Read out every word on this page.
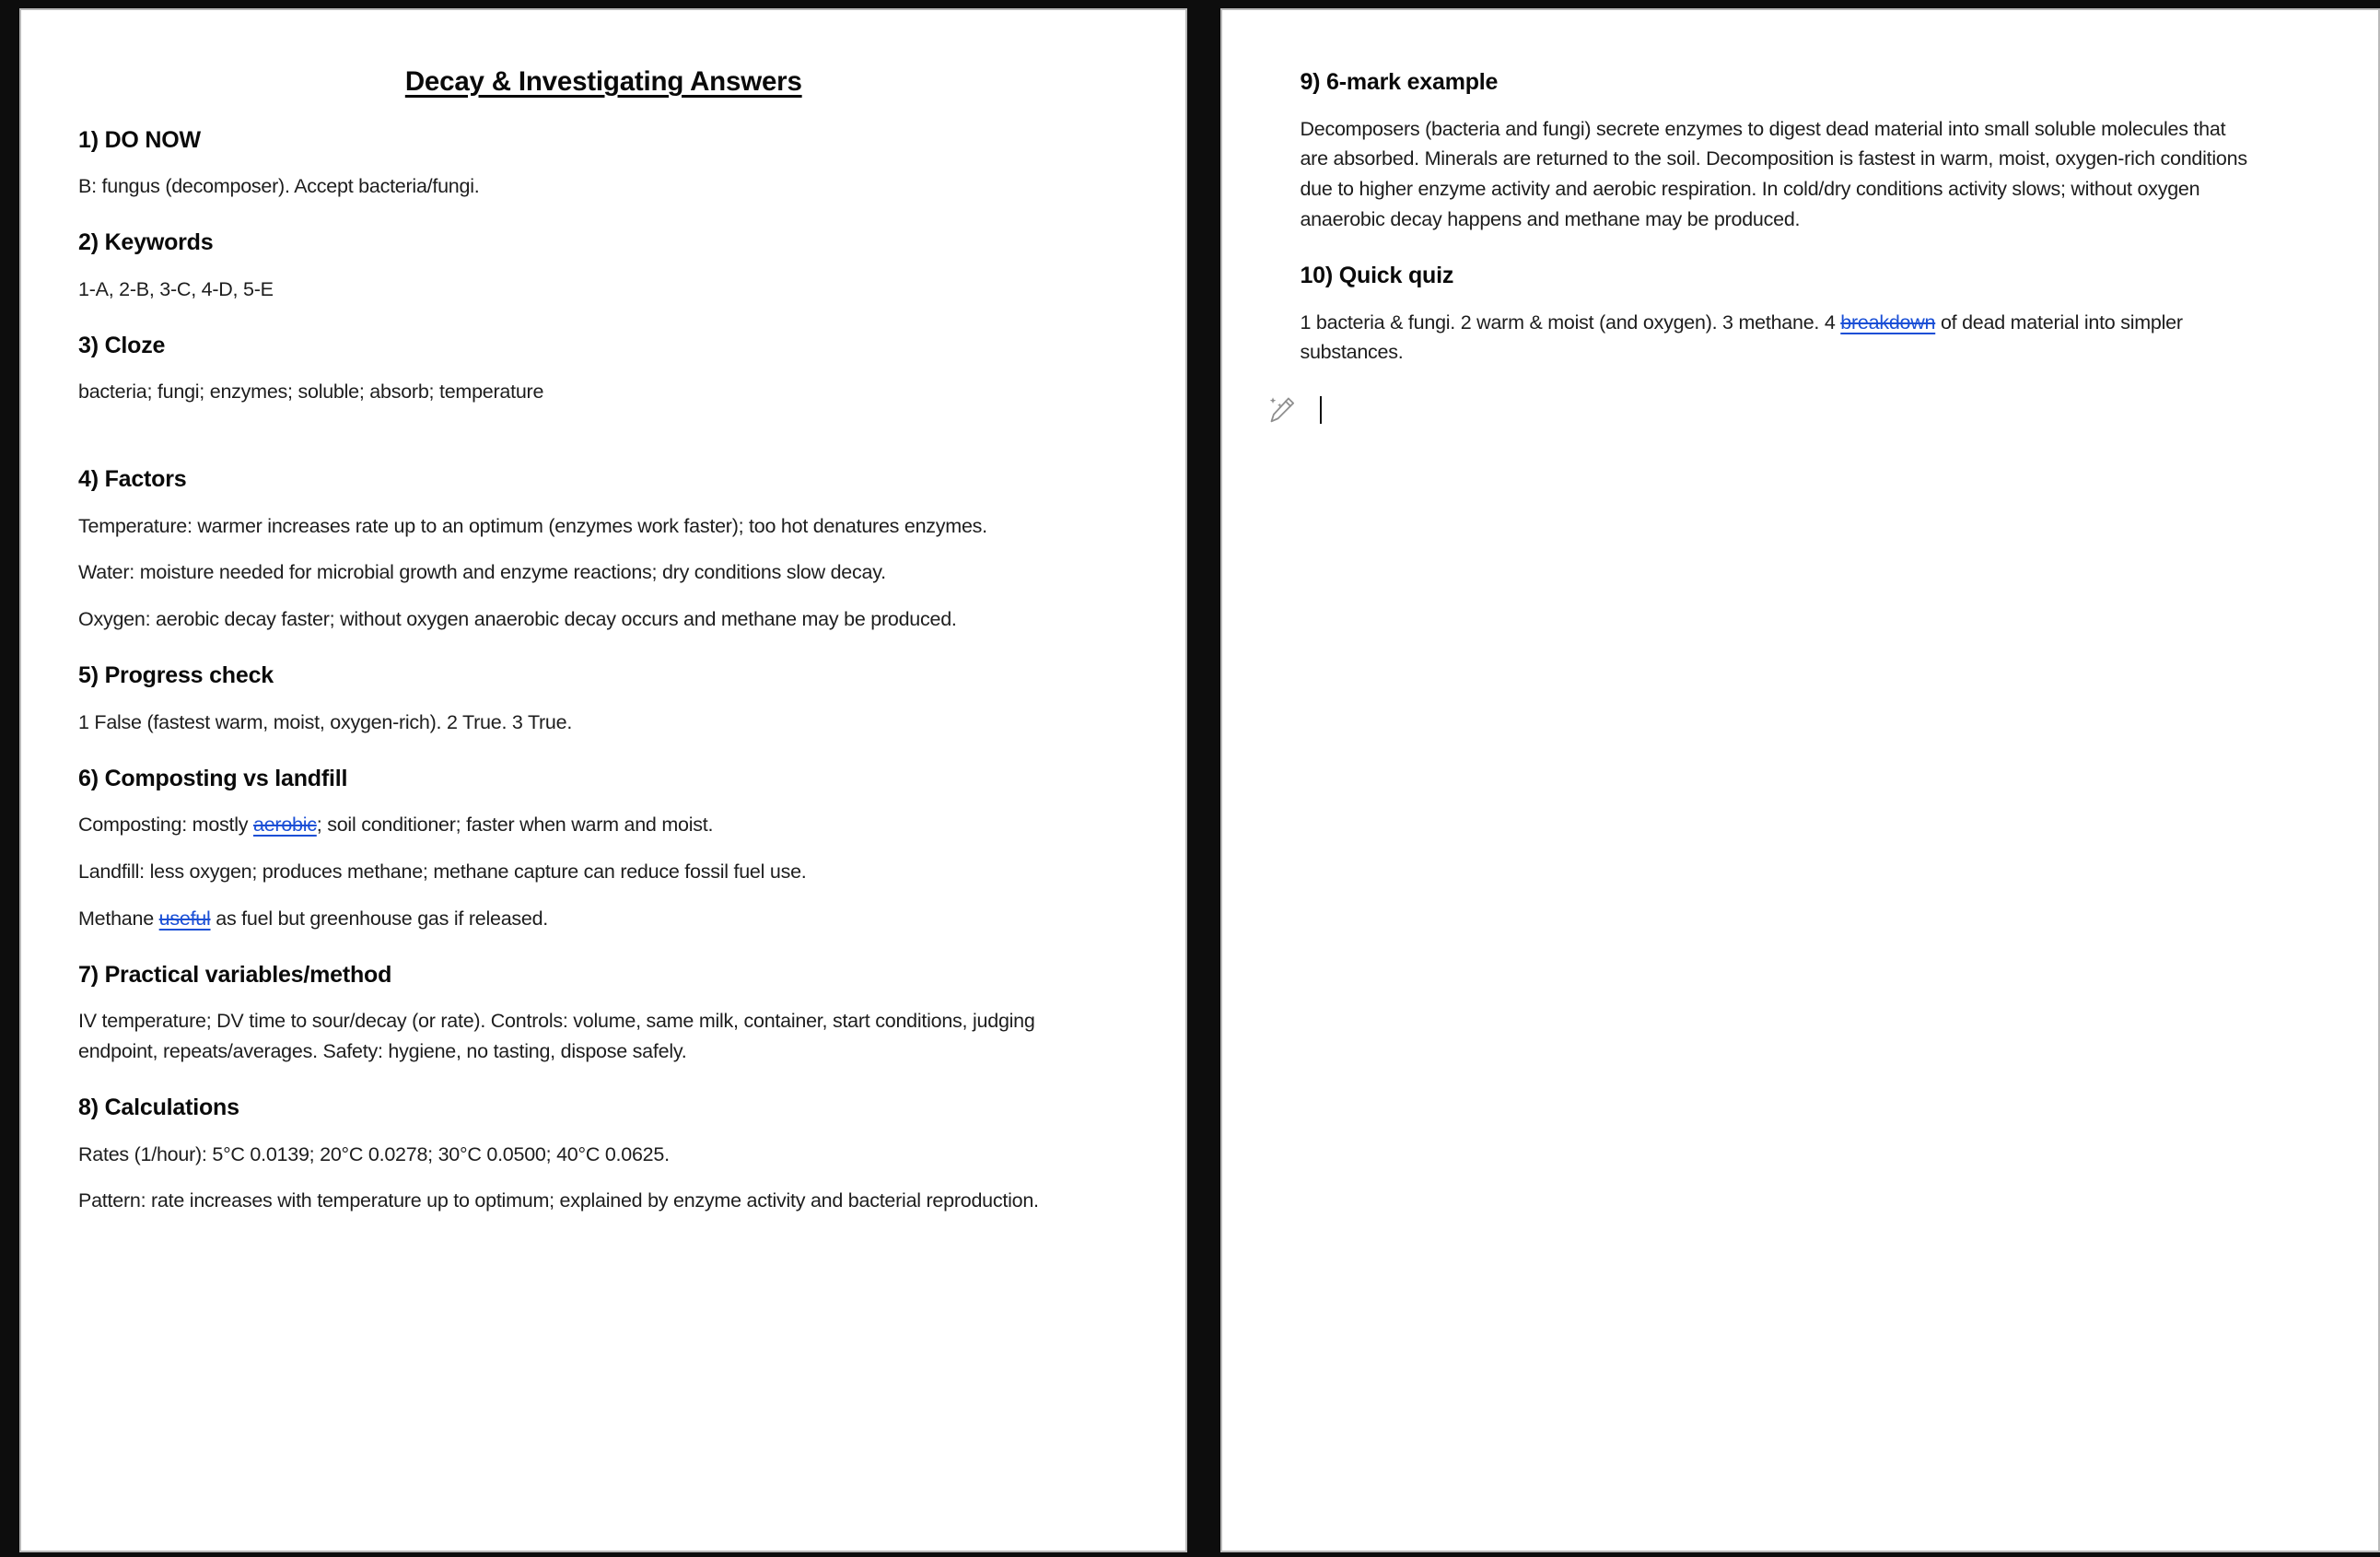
Decay & Investigating Answers
1) DO NOW

B: fungus (decomposer). Accept bacteria/fungi.

2) Keywords

1-A, 2-B, 3-C, 4-D, 5-E

3) Cloze

bacteria; fungi; enzymes; soluble; absorb; temperature

4) Factors

Temperature: warmer increases rate up to an optimum (enzymes work faster); too hot denatures enzymes.

Water: moisture needed for microbial growth and enzyme reactions; dry conditions slow decay.

Oxygen: aerobic decay faster; without oxygen anaerobic decay occurs and methane may be produced.

5) Progress check

1 False (fastest warm, moist, oxygen-rich). 2 True. 3 True.

6) Composting vs landfill

Composting: mostly aerobic; soil conditioner; faster when warm and moist.

Landfill: less oxygen; produces methane; methane capture can reduce fossil fuel use.

Methane useful as fuel but greenhouse gas if released.

7) Practical variables/method

IV temperature; DV time to sour/decay (or rate). Controls: volume, same milk, container, start conditions, judging endpoint, repeats/averages. Safety: hygiene, no tasting, dispose safely.

8) Calculations

Rates (1/hour): 5°C 0.0139; 20°C 0.0278; 30°C 0.0500; 40°C 0.0625.

Pattern: rate increases with temperature up to optimum; explained by enzyme activity and bacterial reproduction.

9) 6-mark example

Decomposers (bacteria and fungi) secrete enzymes to digest dead material into small soluble molecules that are absorbed. Minerals are returned to the soil. Decomposition is fastest in warm, moist, oxygen-rich conditions due to higher enzyme activity and aerobic respiration. In cold/dry conditions activity slows; without oxygen anaerobic decay happens and methane may be produced.

10) Quick quiz

1 bacteria & fungi. 2 warm & moist (and oxygen). 3 methane. 4 breakdown of dead material into simpler substances.
